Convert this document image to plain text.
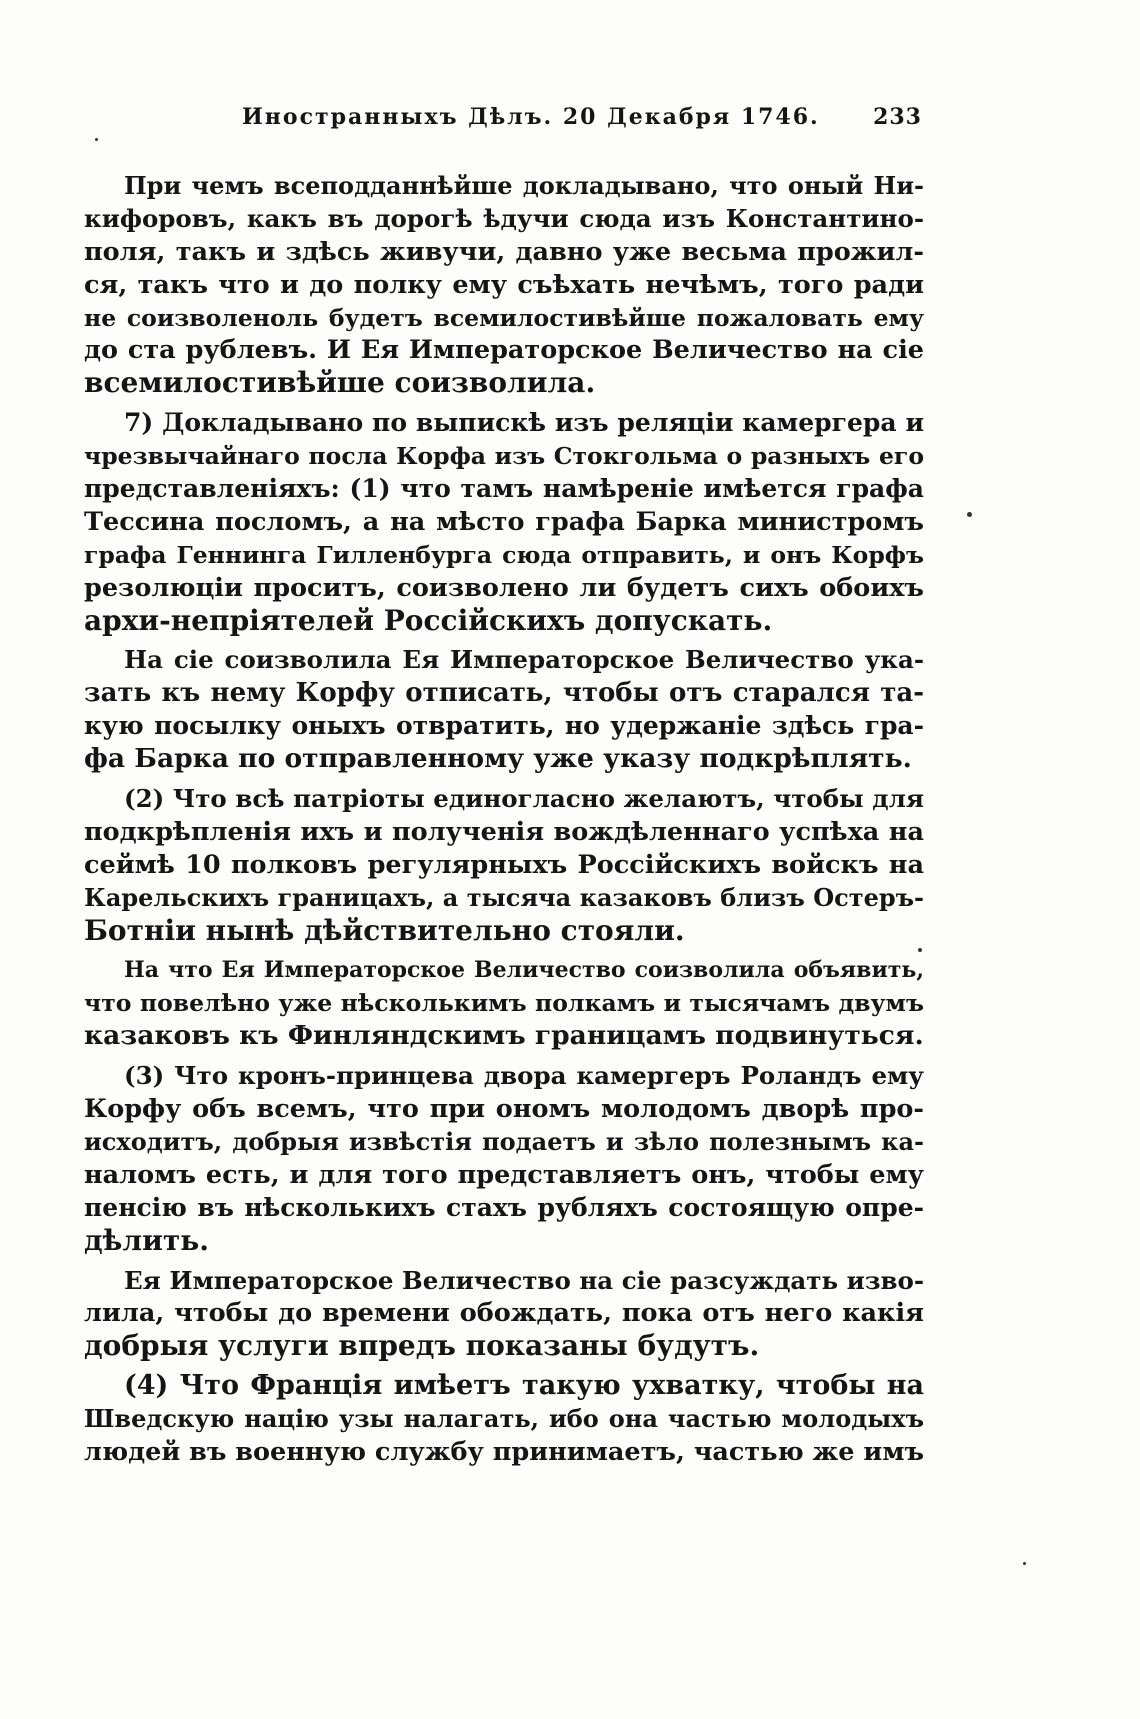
Иностранныхъ Дѣлъ. 20 Декабря 1746. 233
При чемъ всеподданнѣйше докладывано, что оный Ни-
кифоровъ, какъ въ дорогѣ ѣдучи сюда изъ Константино-
поля, такъ и здѣсь живучи, давно уже весьма прожил-
ся, такъ что и до полку ему съѣхать нечѣмъ, того ради
не соизволеноль будетъ всемилостивѣйше пожаловать ему
до ста рублевъ. И Ея Императорское Величество на сіе
всемилостивѣйше соизволила.
7) Докладывано по выпискѣ изъ реляціи камергера и
чрезвычайнаго посла Корфа изъ Стокгольма о разныхъ его
представленіяхъ: (1) что тамъ намѣреніе имѣется графа
Тессина посломъ, а на мѣсто графа Барка министромъ
графа Геннинга Гилленбурга сюда отправить, и онъ Корфъ
резолюціи проситъ, соизволено ли будетъ сихъ обоихъ
архи-непріятелей Россійскихъ допускать.
На сіе соизволила Ея Императорское Величество ука-
зать къ нему Корфу отписать, чтобы отъ старался та-
кую посылку оныхъ отвратить, но удержаніе здѣсь гра-
фа Барка по отправленному уже указу подкрѣплять.
(2) Что всѣ патріоты единогласно желаютъ, чтобы для
подкрѣпленія ихъ и полученія вождѣленнаго успѣха на
сеймѣ 10 полковъ регулярныхъ Россійскихъ войскъ на
Карельскихъ границахъ, а тысяча казаковъ близъ Остеръ-
Ботніи нынѣ дѣйствительно стояли.
На что Ея Императорское Величество соизволила объявить,
что повелѣно уже нѣсколькимъ полкамъ и тысячамъ двумъ
казаковъ къ Финляндскимъ границамъ подвинуться.
(3) Что кронъ-принцева двора камергеръ Роландъ ему
Корфу объ всемъ, что при ономъ молодомъ дворѣ про-
исходитъ, добрыя извѣстія подаетъ и зѣло полезнымъ ка-
наломъ есть, и для того представляетъ онъ, чтобы ему
пенсію въ нѣсколькихъ стахъ рубляхъ состоящую опре-
дѣлить.
Ея Императорское Величество на сіе разсуждать изво-
лила, чтобы до времени обождать, пока отъ него какія
добрыя услуги впредъ показаны будутъ.
(4) Что Франція имѣетъ такую ухватку, чтобы на
Шведскую націю узы налагать, ибо она частью молодыхъ
людей въ военную службу принимаетъ, частью же имъ
